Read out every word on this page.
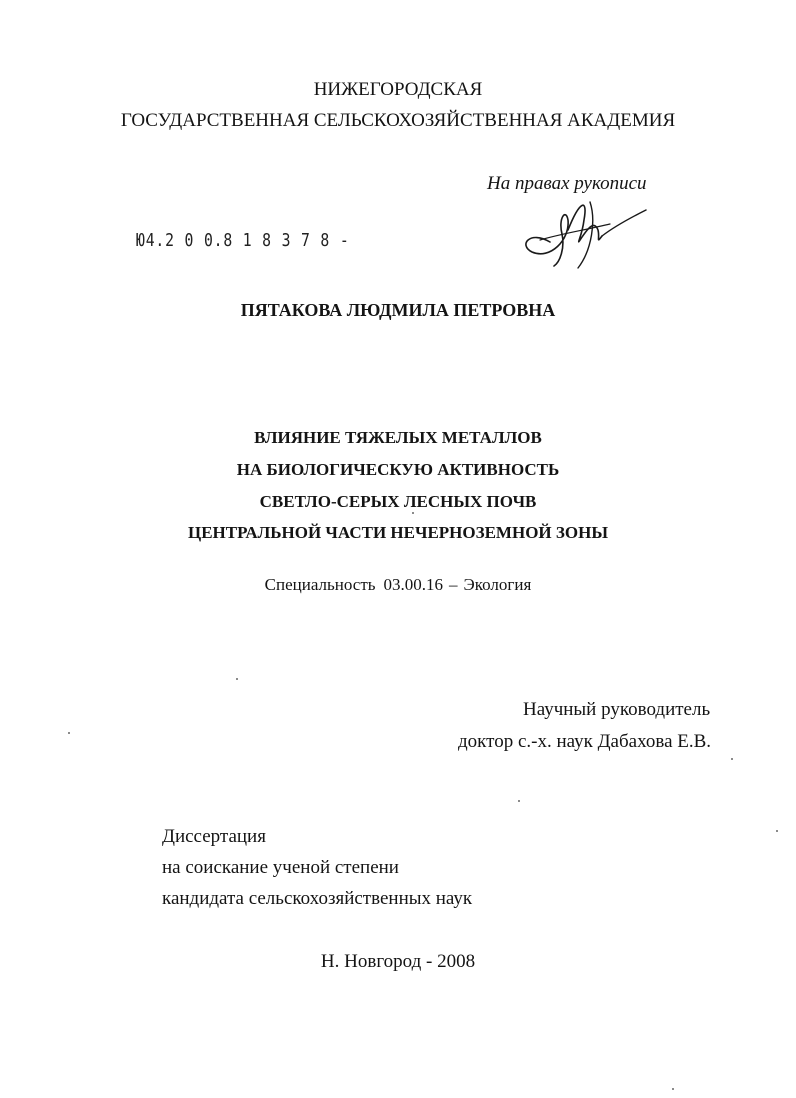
НИЖЕГОРОДСКАЯ
ГОСУДАРСТВЕННАЯ СЕЛЬСКОХОЗЯЙСТВЕННАЯ АКАДЕМИЯ
На правах рукописи
Ю4.2 0 0.8 1 8 3 7 8 -
ПЯТАКОВА ЛЮДМИЛА ПЕТРОВНА
ВЛИЯНИЕ ТЯЖЕЛЫХ МЕТАЛЛОВ
НА БИОЛОГИЧЕСКУЮ АКТИВНОСТЬ
СВЕТЛО-СЕРЫХ ЛЕСНЫХ ПОЧВ
ЦЕНТРАЛЬНОЙ ЧАСТИ НЕЧЕРНОЗЕМНОЙ ЗОНЫ
Специальность 03.00.16 – Экология
Научный руководитель
доктор с.-х. наук Дабахова Е.В.
Диссертация
на соискание ученой степени
кандидата сельскохозяйственных наук
Н. Новгород - 2008
